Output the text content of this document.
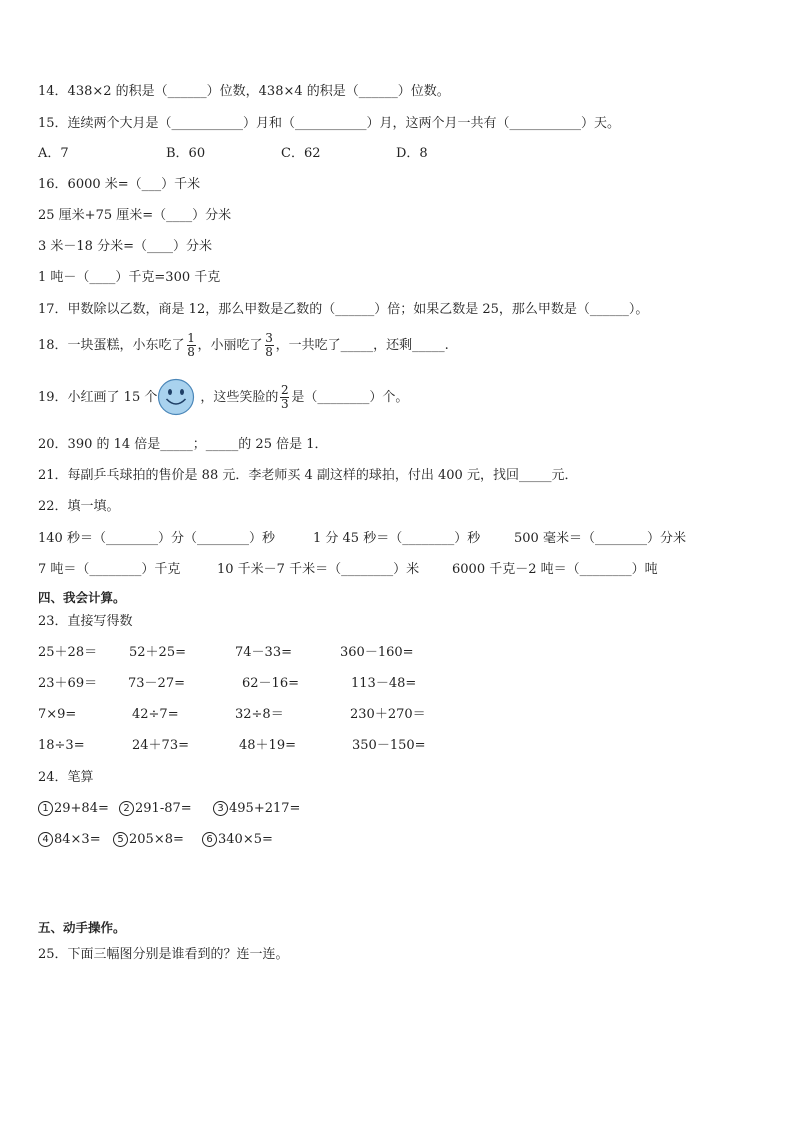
14．438×2 的积是（______）位数，438×4 的积是（______）位数。
15．连续两个大月是（___________）月和（___________）月，这两个月一共有（___________）天。
A．7	B．60	C．62	D．8
16．6000 米=（___）千米
25 厘米+75 厘米=（____）分米
3 米－18 分米=（____）分米
1 吨－（____）千克=300 千克
17．甲数除以乙数，商是 12，那么甲数是乙数的（______）倍；如果乙数是 25，那么甲数是（______）。
18．一块蛋糕，小东吃了 $\frac{1}{8}$ ，小丽吃了 $\frac{3}{8}$ ，一共吃了_____，还剩_____.
19．小红画了 15 个	，这些笑脸的 $\frac{2}{3}$ 是（________）个。
20．390 的 14 倍是_____；_____的 25 倍是 1．
21．每副乒乓球拍的售价是 88 元．李老师买 4 副这样的球拍，付出 400 元，找回_____元．
22．填一填。
140 秒＝（________）分（________）秒	1 分 45 秒＝（________）秒	500 毫米＝（________）分米
7 吨＝（________）千克	10 千米－7 千米＝（________）米	6000 千克－2 吨＝（________）吨
四、我会计算。
23．直接写得数
25＋28＝ 52＋25=	74－33=	360－160=
23＋69＝ 73－27=	62－16=	113－48=
7×9=	42÷7=	32÷8＝	230＋270＝
18÷3=	24＋73=	48＋19=	350－150=
24．笔算
1 29+84=	2 291-87=	3 495+217=
4 84×3=	5 205×8=	6 340×5=
五、动手操作。
25．下面三幅图分别是谁看到的？连一连。
